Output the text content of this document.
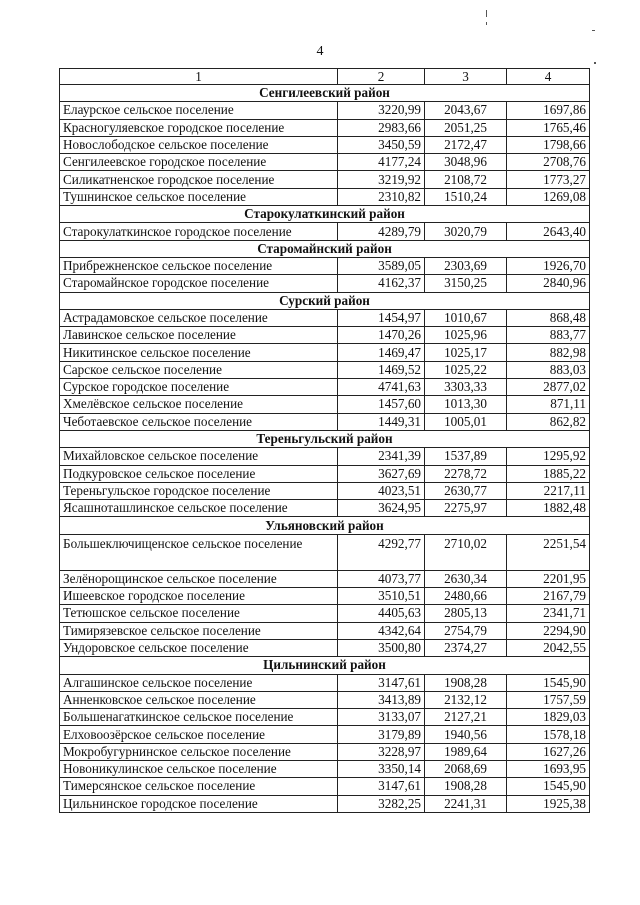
4
1	2	3	4
Сенгилеевский район			
Елаурское сельское поселение	3220,99	2043,67	1697,86
Красногуляевское городское поселение	2983,66	2051,25	1765,46
Новослободское сельское поселение	3450,59	2172,47	1798,66
Сенгилеевское городское поселение	4177,24	3048,96	2708,76
Силикатненское городское поселение	3219,92	2108,72	1773,27
Тушнинское сельское поселение	2310,82	1510,24	1269,08
Старокулаткинский район			
Старокулаткинское городское поселение	4289,79	3020,79	2643,40
Старомайнский район			
Прибрежненское сельское поселение	3589,05	2303,69	1926,70
Старомайнское городское поселение	4162,37	3150,25	2840,96
Сурский район			
Астрадамовское сельское поселение	1454,97	1010,67	868,48
Лавинское сельское поселение	1470,26	1025,96	883,77
Никитинское сельское поселение	1469,47	1025,17	882,98
Сарское сельское поселение	1469,52	1025,22	883,03
Сурское городское поселение	4741,63	3303,33	2877,02
Хмелёвское сельское поселение	1457,60	1013,30	871,11
Чеботаевское сельское поселение	1449,31	1005,01	862,82
Тереньгульский район			
Михайловское сельское поселение	2341,39	1537,89	1295,92
Подкуровское сельское поселение	3627,69	2278,72	1885,22
Тереньгульское городское поселение	4023,51	2630,77	2217,11
Ясашноташлинское сельское поселение	3624,95	2275,97	1882,48
Ульяновский район			
Большеключищенское сельское поселение	4292,77	2710,02	2251,54
Зелёнорощинское сельское поселение	4073,77	2630,34	2201,95
Ишеевское городское поселение	3510,51	2480,66	2167,79
Тетюшское сельское поселение	4405,63	2805,13	2341,71
Тимирязевское сельское поселение	4342,64	2754,79	2294,90
Ундоровское сельское поселение	3500,80	2374,27	2042,55
Цильнинский район			
Алгашинское сельское поселение	3147,61	1908,28	1545,90
Анненковское сельское поселение	3413,89	2132,12	1757,59
Большенагаткинское сельское поселение	3133,07	2127,21	1829,03
Елховоозёрское сельское поселение	3179,89	1940,56	1578,18
Мокробугурнинское сельское поселение	3228,97	1989,64	1627,26
Новоникулинское сельское поселение	3350,14	2068,69	1693,95
Тимерсянское сельское поселение	3147,61	1908,28	1545,90
Цильнинское городское поселение	3282,25	2241,31	1925,38
